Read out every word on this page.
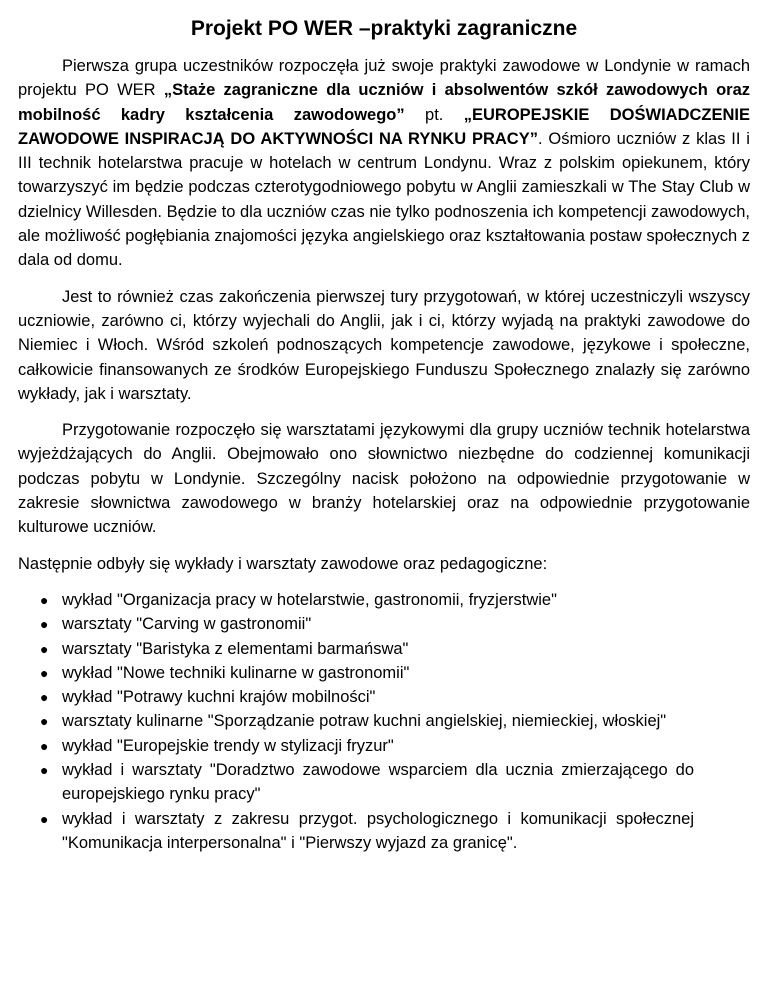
Projekt PO WER –praktyki zagraniczne

Pierwsza grupa uczestników rozpoczęła już swoje praktyki zawodowe w Londynie w ramach projektu PO WER „Staże zagraniczne dla uczniów i absolwentów szkół zawodowych oraz mobilność kadry kształcenia zawodowego” pt. „EUROPEJSKIE DOŚWIADCZENIE ZAWODOWE INSPIRACJĄ DO AKTYWNOŚCI NA RYNKU PRACY”. Ośmioro uczniów z klas II i III technik hotelarstwa pracuje w hotelach w centrum Londynu. Wraz z polskim opiekunem, który towarzyszyć im będzie podczas czterotygodniowego pobytu w Anglii zamieszkali w The Stay Club w dzielnicy Willesden. Będzie to dla uczniów czas nie tylko podnoszenia ich kompetencji zawodowych, ale możliwość pogłębiania znajomości języka angielskiego oraz kształtowania postaw społecznych z dala od domu.

Jest to również czas zakończenia pierwszej tury przygotowań, w której uczestniczyli wszyscy uczniowie, zarówno ci, którzy wyjechali do Anglii, jak i ci, którzy wyjadą na praktyki zawodowe do Niemiec i Włoch. Wśród szkoleń podnoszących kompetencje zawodowe, językowe i społeczne, całkowicie finansowanych ze środków Europejskiego Funduszu Społecznego znalazły się zarówno wykłady, jak i warsztaty.

Przygotowanie rozpoczęło się warsztatami językowymi dla grupy uczniów technik hotelarstwa wyjeżdżających do Anglii. Obejmowało ono słownictwo niezbędne do codziennej komunikacji podczas pobytu w Londynie. Szczególny nacisk położono na odpowiednie przygotowanie w zakresie słownictwa zawodowego w branży hotelarskiej oraz na odpowiednie przygotowanie kulturowe uczniów.

Następnie odbyły się wykłady i warsztaty zawodowe oraz pedagogiczne:

● wykład "Organizacja pracy w hotelarstwie, gastronomii, fryzjerstwie"
● warsztaty "Carving w gastronomii"
● warsztaty "Baristyka z elementami barmańswa"
● wykład "Nowe techniki kulinarne w gastronomii"
● wykład "Potrawy kuchni krajów mobilności"
● warsztaty kulinarne "Sporządzanie potraw kuchni angielskiej, niemieckiej, włoskiej"
● wykład "Europejskie trendy w stylizacji fryzur"
● wykład i warsztaty "Doradztwo zawodowe wsparciem dla ucznia zmierzającego do europejskiego rynku pracy"
● wykład i warsztaty z zakresu przygot. psychologicznego i komunikacji społecznej "Komunikacja interpersonalna" i "Pierwszy wyjazd za granicę".
